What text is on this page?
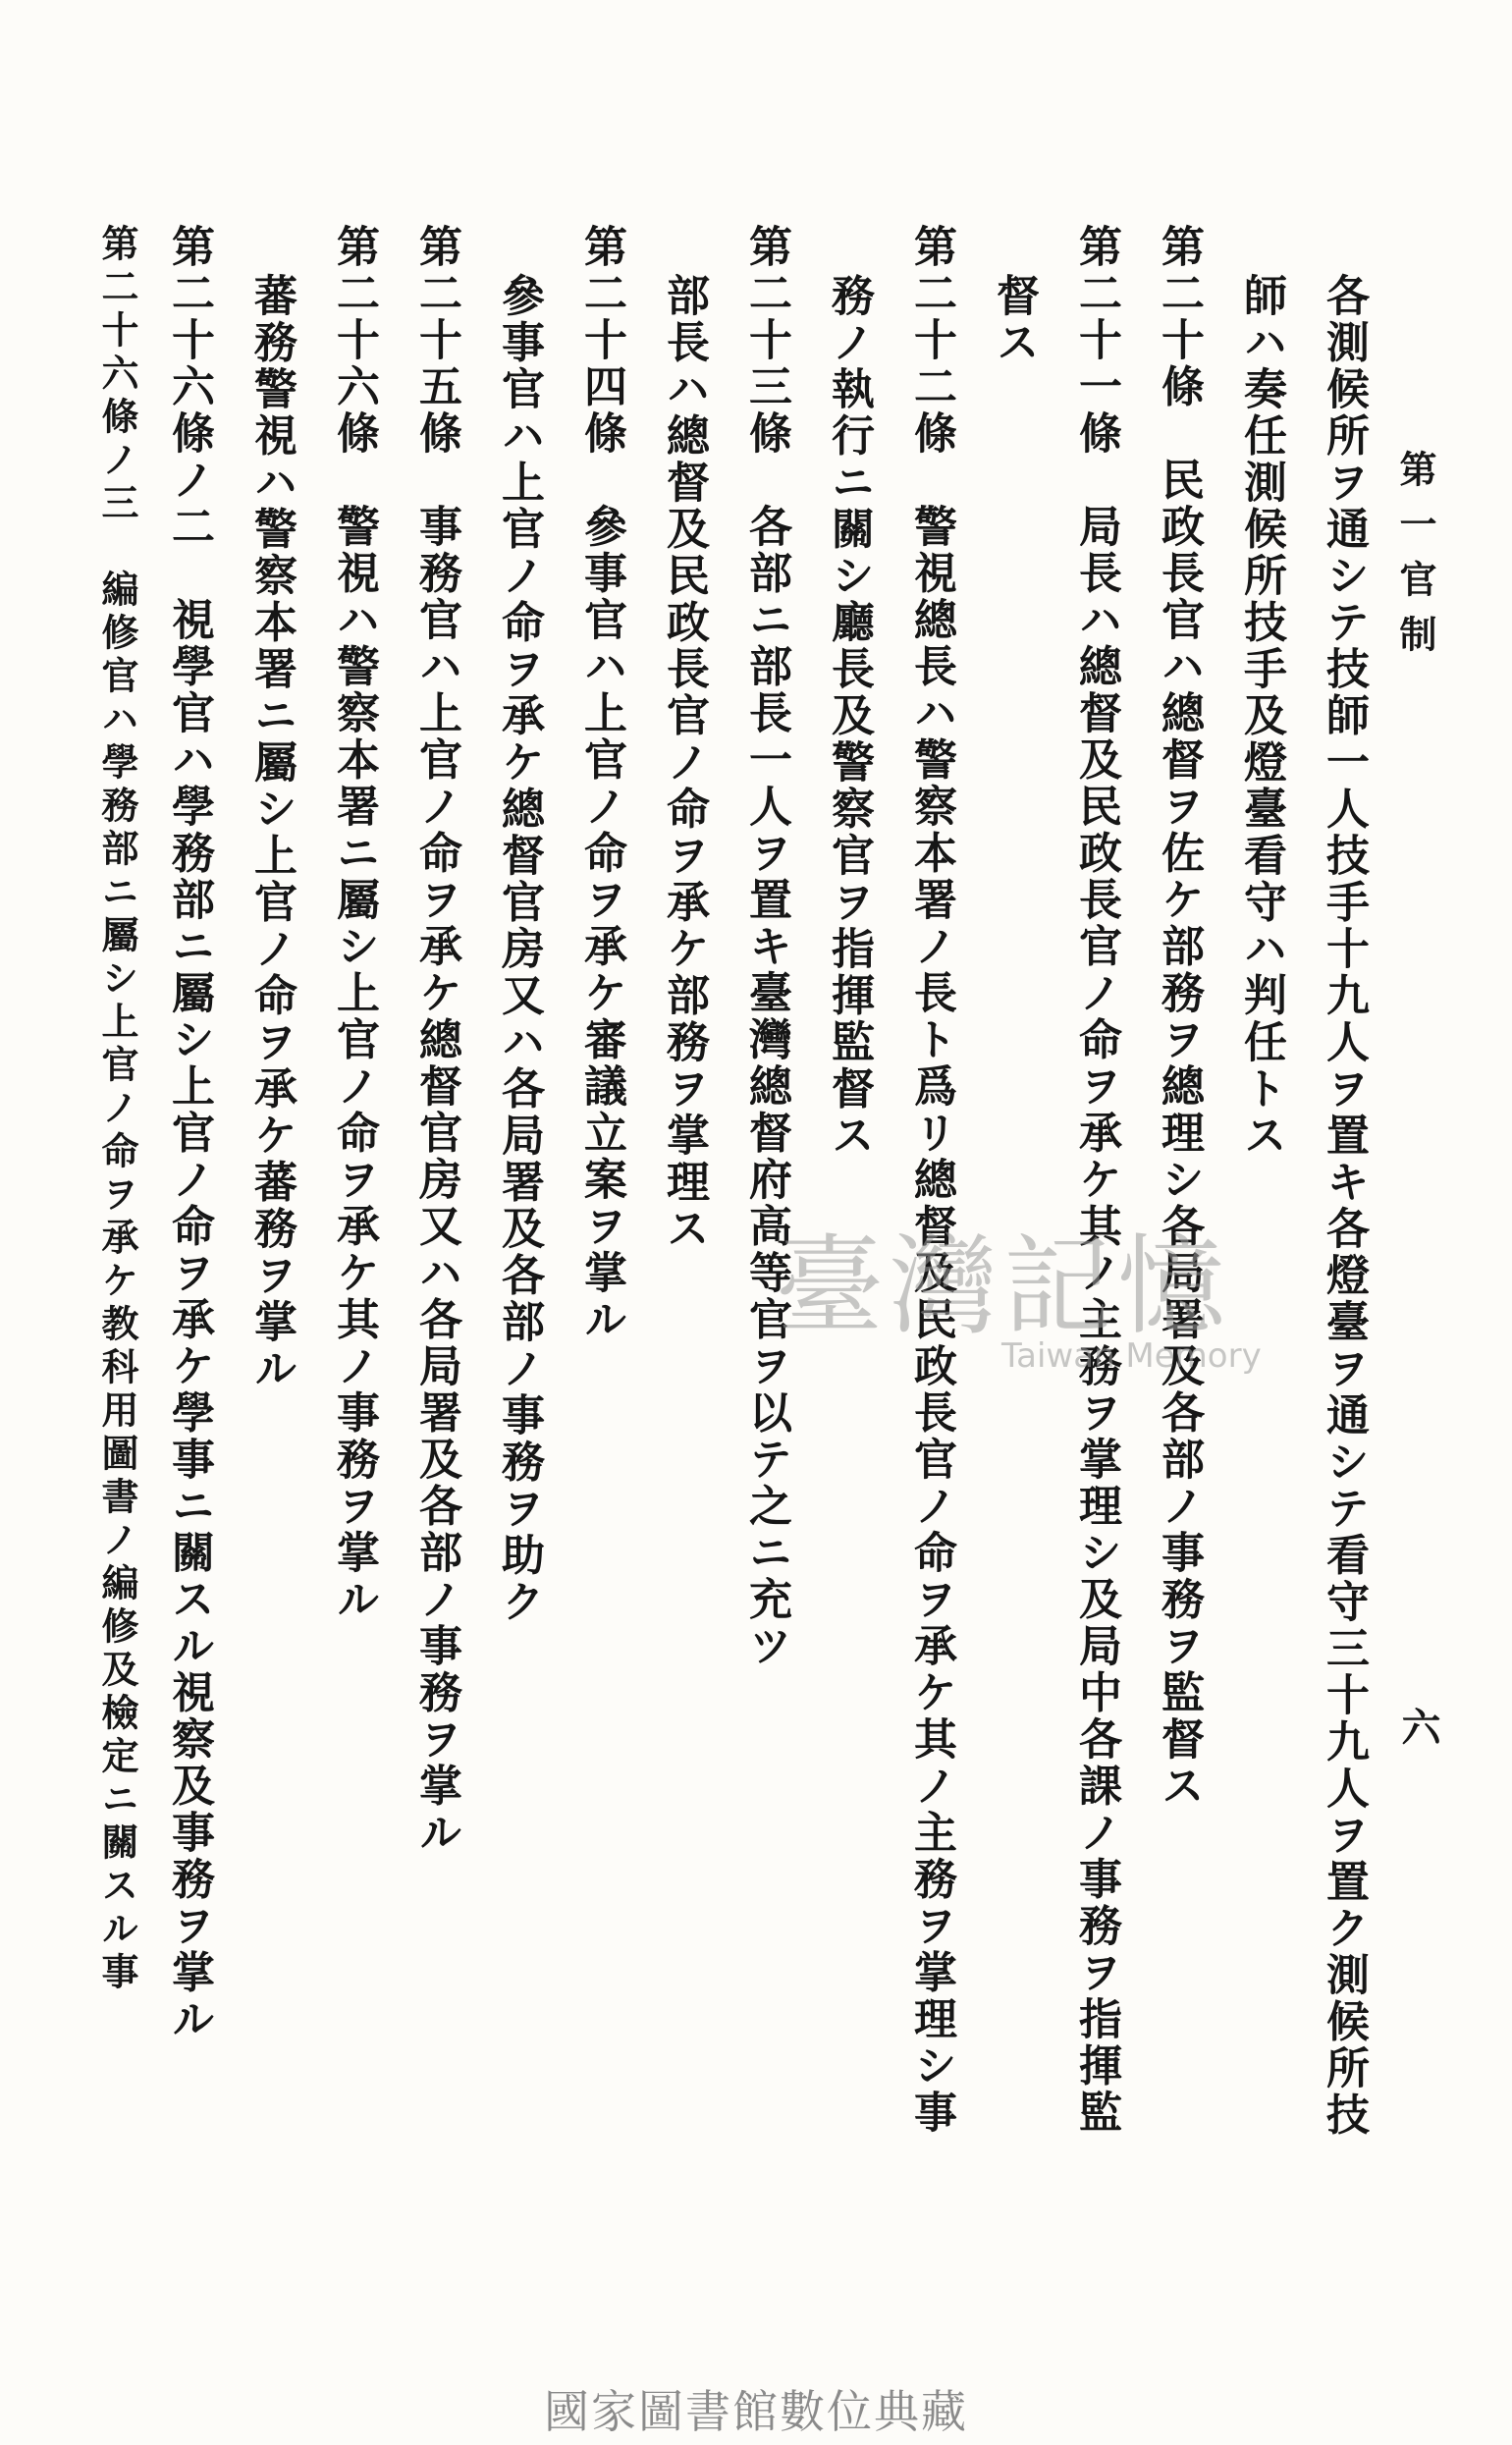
第一官制
六
各測候所ヲ通シテ技師一人技手十九人ヲ置キ各燈臺ヲ通シテ看守三十九人ヲ置ク測候所技
師ハ奏任測候所技手及燈臺看守ハ判任トス
第二十條　民政長官ハ總督ヲ佐ケ部務ヲ總理シ各局署及各部ノ事務ヲ監督ス
第二十一條　局長ハ總督及民政長官ノ命ヲ承ケ其ノ主務ヲ掌理シ及局中各課ノ事務ヲ指揮監
督ス
第二十二條　警視總長ハ警察本署ノ長ト爲リ總督及民政長官ノ命ヲ承ケ其ノ主務ヲ掌理シ事
務ノ執行ニ關シ廳長及警察官ヲ指揮監督ス
第二十三條　各部ニ部長一人ヲ置キ臺灣總督府高等官ヲ以テ之ニ充ツ
部長ハ總督及民政長官ノ命ヲ承ケ部務ヲ掌理ス
第二十四條　參事官ハ上官ノ命ヲ承ケ審議立案ヲ掌ル
參事官ハ上官ノ命ヲ承ケ總督官房又ハ各局署及各部ノ事務ヲ助ク
第二十五條　事務官ハ上官ノ命ヲ承ケ總督官房又ハ各局署及各部ノ事務ヲ掌ル
第二十六條　警視ハ警察本署ニ屬シ上官ノ命ヲ承ケ其ノ事務ヲ掌ル
蕃務警視ハ警察本署ニ屬シ上官ノ命ヲ承ケ蕃務ヲ掌ル
第二十六條ノ二　視學官ハ學務部ニ屬シ上官ノ命ヲ承ケ學事ニ關スル視察及事務ヲ掌ル
第二十六條ノ三　編修官ハ學務部ニ屬シ上官ノ命ヲ承ケ教科用圖書ノ編修及檢定ニ關スル事	臺灣記憶
Taiwan Memory
國家圖書館數位典藏
